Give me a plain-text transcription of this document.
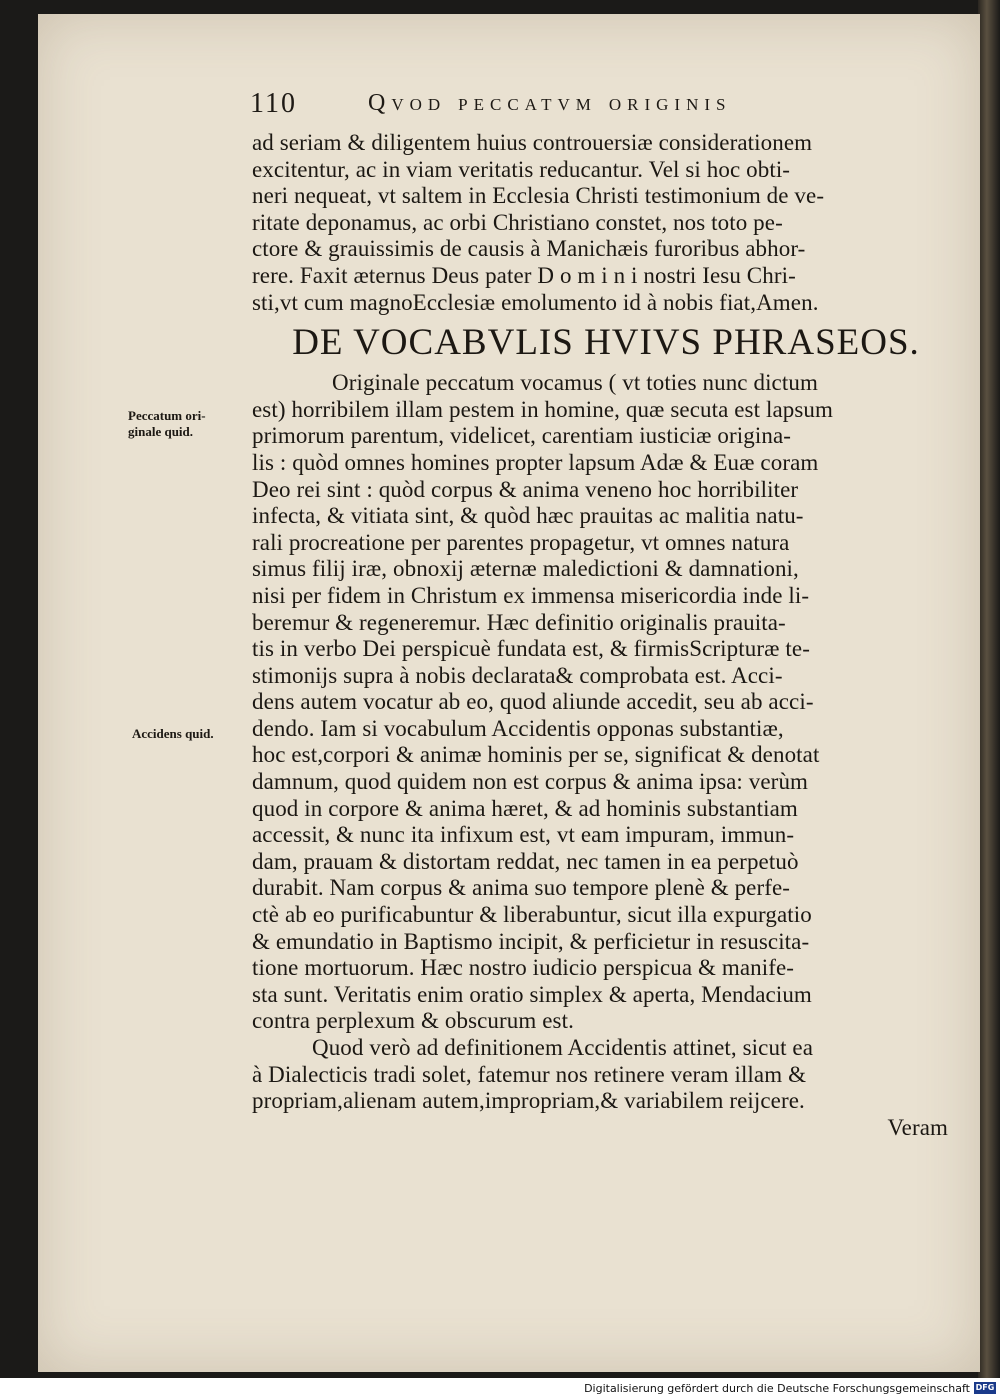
110	Qvod peccatvm originis
Peccatum ori-
ginale quid.
Accidens quid.
ad seriam & diligentem huius controuersiæ considerationem
excitentur, ac in viam veritatis reducantur. Vel si hoc obti-
neri nequeat, vt saltem in Ecclesia Christi testimonium de ve-
ritate deponamus, ac orbi Christiano constet, nos toto pe-
ctore & grauissimis de causis à Manichæis furoribus abhor-
rere. Faxit æternus Deus pater D o m i n i nostri Iesu Chri-
sti,vt cum magnoEcclesiæ emolumento id à nobis fiat,Amen.
DE VOCABVLIS HVIVS PHRASEOS.
Originale peccatum vocamus ( vt toties nunc dictum
est) horribilem illam pestem in homine, quæ secuta est lapsum
primorum parentum, videlicet, carentiam iusticiæ origina-
lis : quòd omnes homines propter lapsum Adæ & Euæ coram
Deo rei sint : quòd corpus & anima veneno hoc horribiliter
infecta, & vitiata sint, & quòd hæc prauitas ac malitia natu-
rali procreatione per parentes propagetur, vt omnes natura
simus filij iræ, obnoxij æternæ maledictioni & damnationi,
nisi per fidem in Christum ex immensa misericordia inde li-
beremur & regeneremur. Hæc definitio originalis prauita-
tis in verbo Dei perspicuè fundata est, & firmisScripturæ te-
stimonijs supra à nobis declarata& comprobata est. Acci-
dens autem vocatur ab eo, quod aliunde accedit, seu ab acci-
dendo. Iam si vocabulum Accidentis opponas substantiæ,
hoc est,corpori & animæ hominis per se, significat & denotat
damnum, quod quidem non est corpus & anima ipsa: verùm
quod in corpore & anima hæret, & ad hominis substantiam
accessit, & nunc ita infixum est, vt eam impuram, immun-
dam, prauam & distortam reddat, nec tamen in ea perpetuò
durabit. Nam corpus & anima suo tempore plenè & perfe-
ctè ab eo purificabuntur & liberabuntur, sicut illa expurgatio
& emundatio in Baptismo incipit, & perficietur in resuscita-
tione mortuorum. Hæc nostro iudicio perspicua & manife-
sta sunt. Veritatis enim oratio simplex & aperta, Mendacium
contra perplexum & obscurum est.
Quod verò ad definitionem Accidentis attinet, sicut ea
à Dialecticis tradi solet, fatemur nos retinere veram illam &
propriam,alienam autem,impropriam,& variabilem reijcere.
Veram
Digitalisierung gefördert durch die Deutsche Forschungsgemeinschaft DFG
